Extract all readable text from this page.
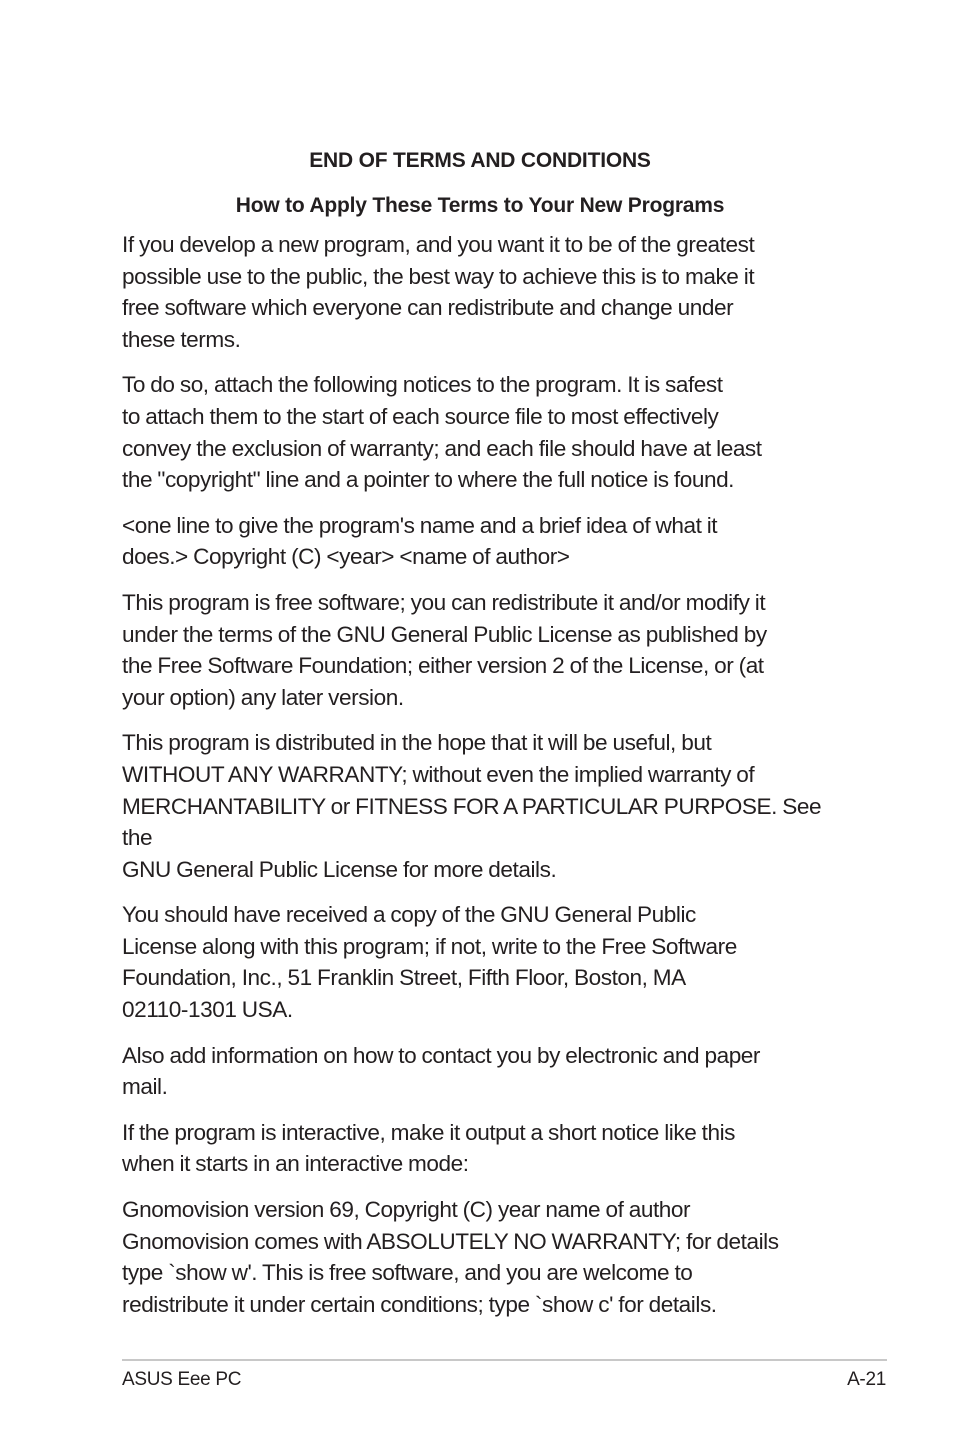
END OF TERMS AND CONDITIONS
How to Apply These Terms to Your New Programs

If you develop a new program, and you want it to be of the greatest
possible use to the public, the best way to achieve this is to make it
free software which everyone can redistribute and change under
these terms.

To do so, attach the following notices to the program. It is safest
to attach them to the start of each source file to most effectively
convey the exclusion of warranty; and each file should have at least
the "copyright" line and a pointer to where the full notice is found.

<one line to give the program's name and a brief idea of what it
does.> Copyright (C) <year> <name of author>

This program is free software; you can redistribute it and/or modify it
under the terms of the GNU General Public License as published by
the Free Software Foundation; either version 2 of the License, or (at
your option) any later version.

This program is distributed in the hope that it will be useful, but
WITHOUT ANY WARRANTY; without even the implied warranty of
MERCHANTABILITY or FITNESS FOR A PARTICULAR PURPOSE. See the
GNU General Public License for more details.

You should have received a copy of the GNU General Public
License along with this program; if not, write to the Free Software
Foundation, Inc., 51 Franklin Street, Fifth Floor, Boston, MA
02110-1301 USA.

Also add information on how to contact you by electronic and paper
mail.

If the program is interactive, make it output a short notice like this
when it starts in an interactive mode:

Gnomovision version 69, Copyright (C) year name of author
Gnomovision comes with ABSOLUTELY NO WARRANTY; for details
type `show w'. This is free software, and you are welcome to
redistribute it under certain conditions; type `show c' for details.

ASUS Eee PC	A-21
